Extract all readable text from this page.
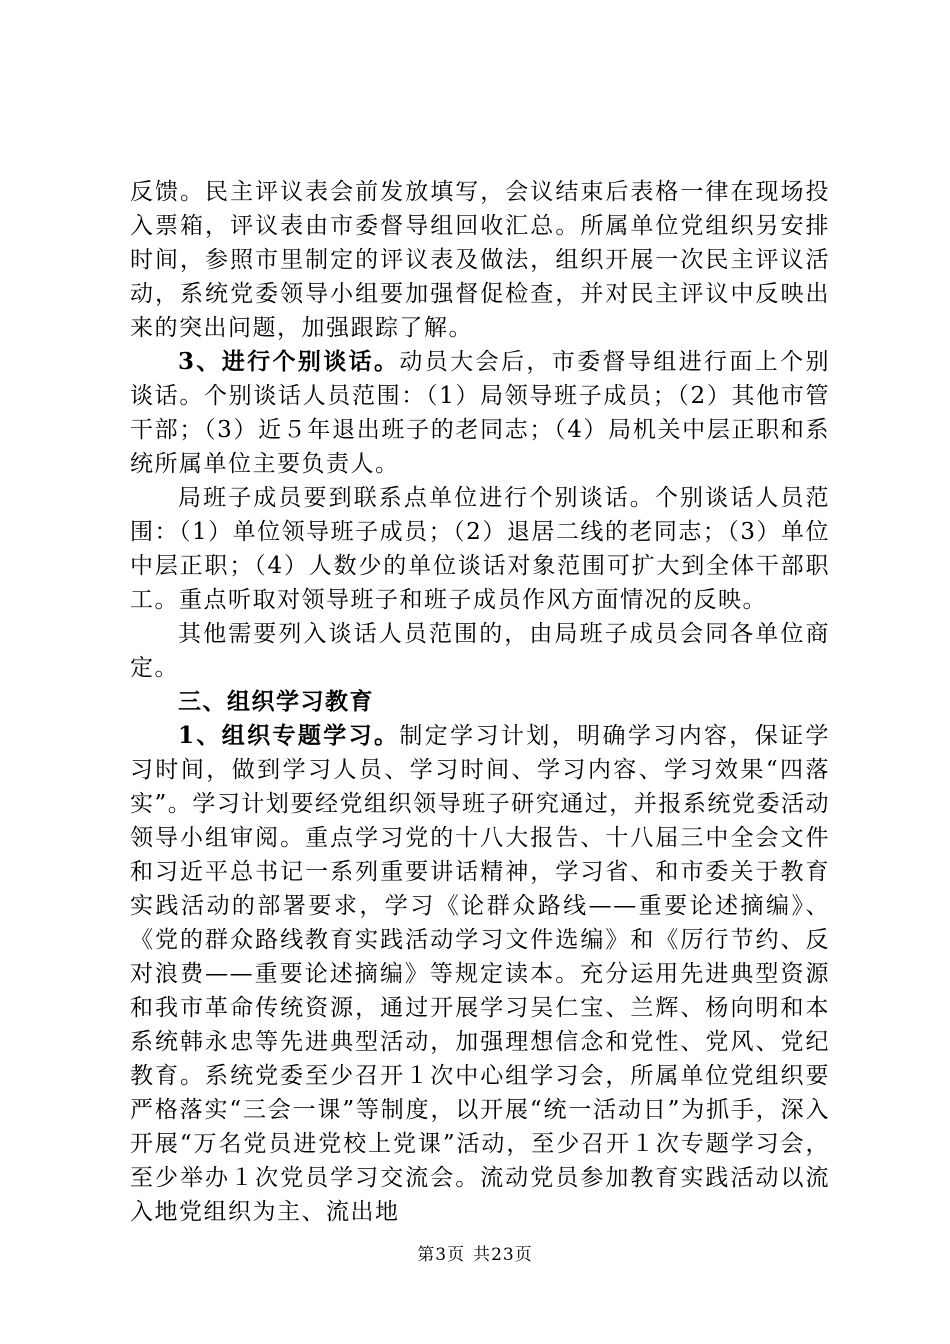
反馈。民主评议表会前发放填写，会议结束后表格一律在现场投入票箱，评议表由市委督导组回收汇总。所属单位党组织另安排时间，参照市里制定的评议表及做法，组织开展一次民主评议活动，系统党委领导小组要加强督促检查，并对民主评议中反映出来的突出问题，加强跟踪了解。

3、进行个别谈话。动员大会后，市委督导组进行面上个别谈话。个别谈话人员范围：（1）局领导班子成员；（2）其他市管干部；（3）近５年退出班子的老同志；（4）局机关中层正职和系统所属单位主要负责人。

局班子成员要到联系点单位进行个别谈话。个别谈话人员范围：（1）单位领导班子成员；（2）退居二线的老同志；（3）单位中层正职；（4）人数少的单位谈话对象范围可扩大到全体干部职工。重点听取对领导班子和班子成员作风方面情况的反映。

其他需要列入谈话人员范围的，由局班子成员会同各单位商定。

三、组织学习教育

1、组织专题学习。制定学习计划，明确学习内容，保证学习时间，做到学习人员、学习时间、学习内容、学习效果“四落实”。学习计划要经党组织领导班子研究通过，并报系统党委活动领导小组审阅。重点学习党的十八大报告、十八届三中全会文件和习近平总书记一系列重要讲话精神，学习省、和市委关于教育实践活动的部署要求，学习《论群众路线——重要论述摘编》、《党的群众路线教育实践活动学习文件选编》和《厉行节约、反对浪费——重要论述摘编》等规定读本。充分运用先进典型资源和我市革命传统资源，通过开展学习吴仁宝、兰辉、杨向明和本系统韩永忠等先进典型活动，加强理想信念和党性、党风、党纪教育。系统党委至少召开１次中心组学习会，所属单位党组织要严格落实“三会一课”等制度，以开展“统一活动日”为抓手，深入开展“万名党员进党校上党课”活动，至少召开１次专题学习会，至少举办１次党员学习交流会。流动党员参加教育实践活动以流入地党组织为主、流出地

第3页 共23页
